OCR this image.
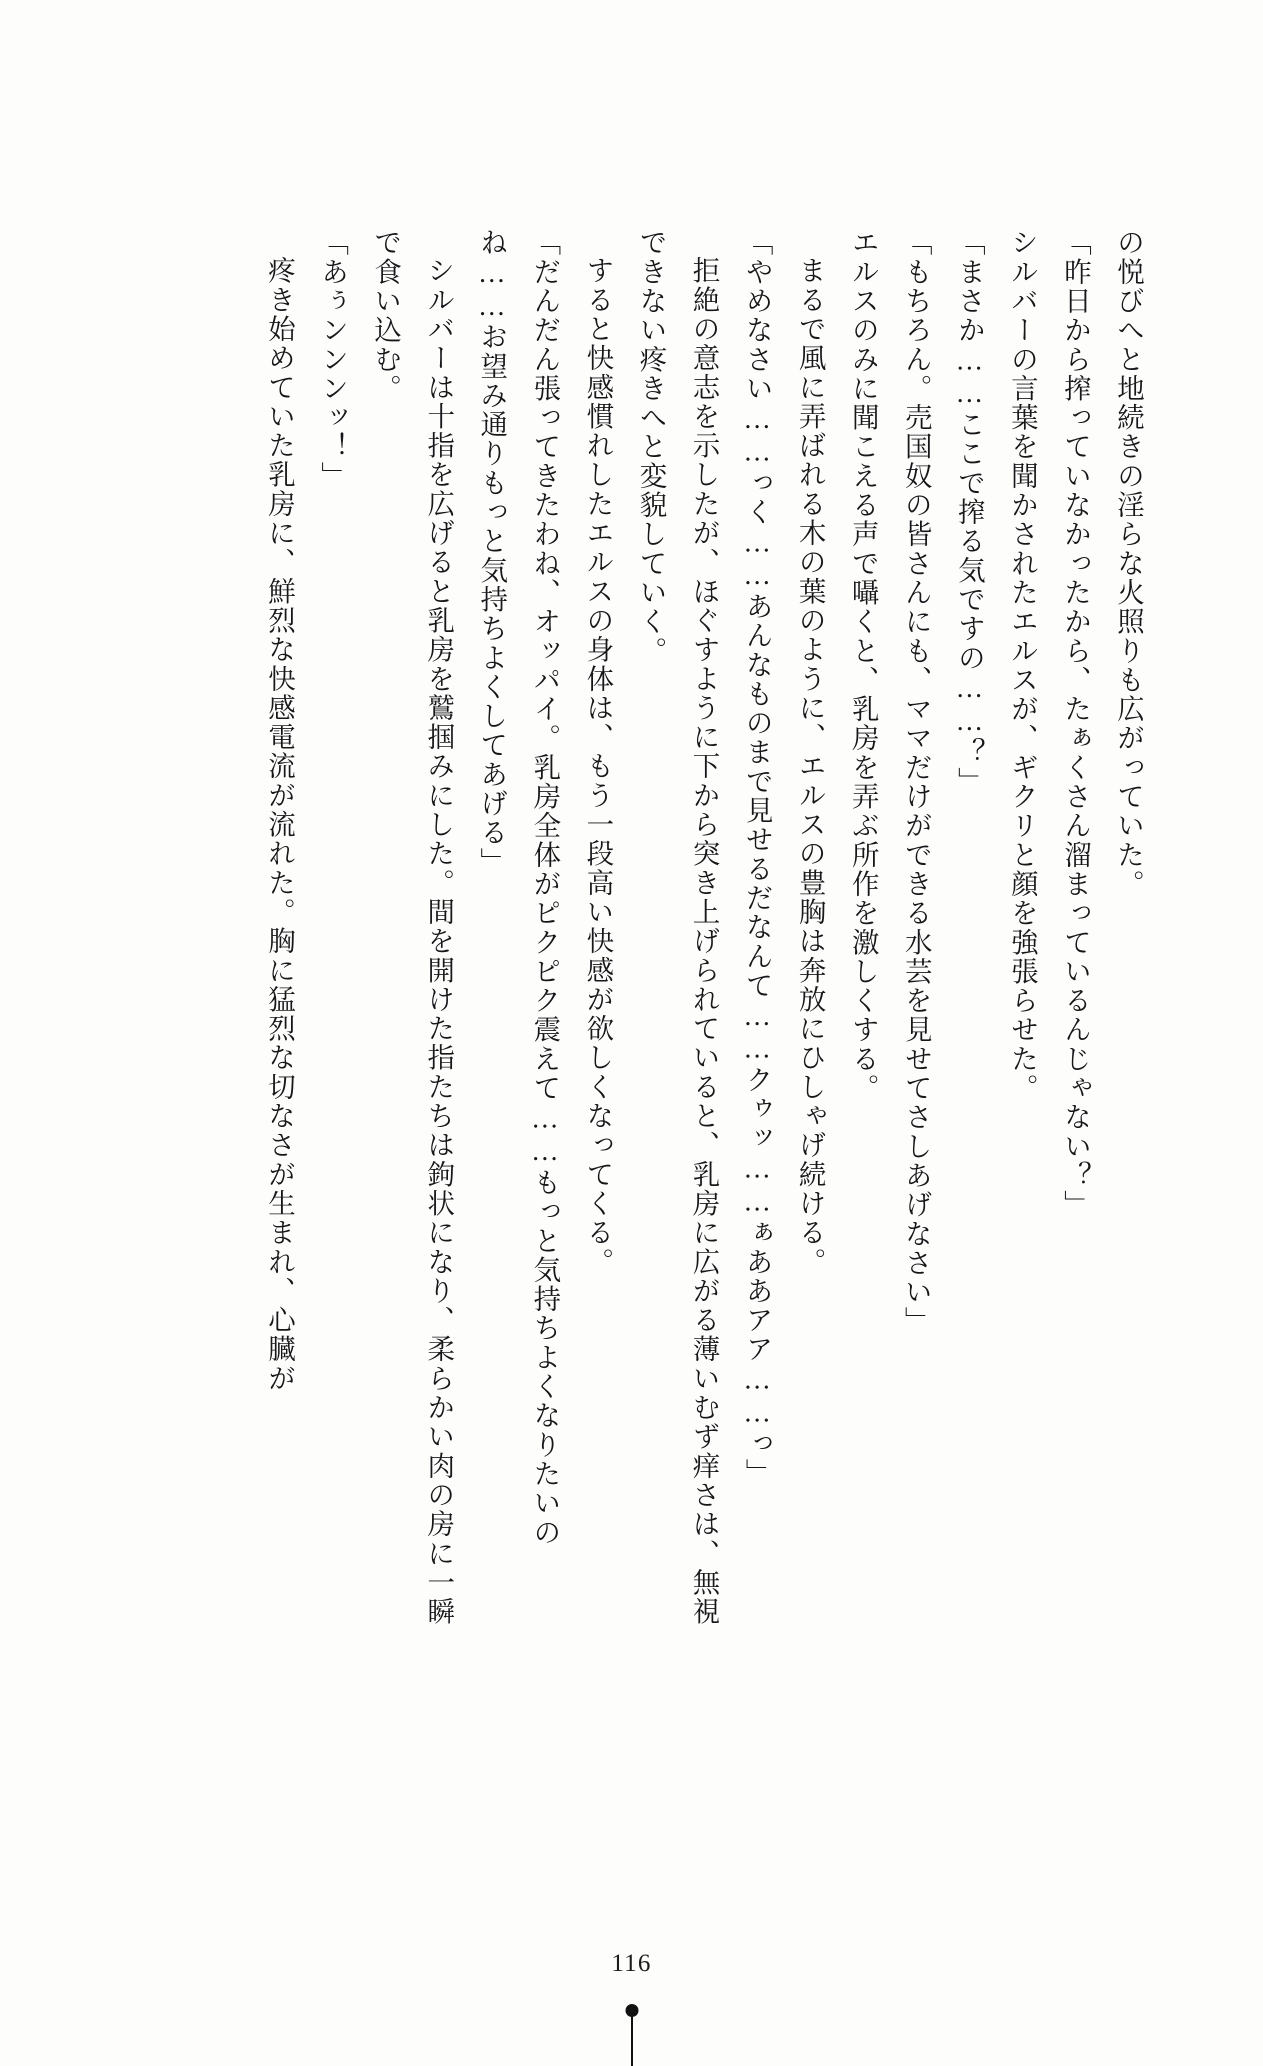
の悦びへと地続きの淫らな火照りも広がっていた。

「昨日から搾っていなかったから、たぁくさん溜まっているんじゃない？」

シルバーの言葉を聞かされたエルスが、ギクリと顔を強張らせた。

「まさか……ここで搾る気ですの……？」

「もちろん。売国奴の皆さんにも、ママだけができる水芸を見せてさしあげなさい」

エルスのみに聞こえる声で囁くと、乳房を弄ぶ所作を激しくする。

まるで風に弄ばれる木の葉のように、エルスの豊胸は奔放にひしゃげ続ける。

「やめなさい……っく……あんなものまで見せるだなんて……クゥッ……ぁああアア……っ」

拒絶の意志を示したが、ほぐすように下から突き上げられていると、乳房に広がる薄いむず痒さは、無視できない疼きへと変貌していく。

すると快感慣れしたエルスの身体は、もう一段高い快感が欲しくなってくる。

「だんだん張ってきたわね、オッパイ。乳房全体がピクピク震えて……もっと気持ちよくなりたいのね……お望み通りもっと気持ちよくしてあげる」

シルバーは十指を広げると乳房を鷲掴みにした。間を開けた指たちは鉤状になり、柔らかい肉の房に一瞬で食い込む。

「あぅンンンッ！」

疼き始めていた乳房に、鮮烈な快感電流が流れた。胸に猛烈な切なさが生まれ、心臓が

116
